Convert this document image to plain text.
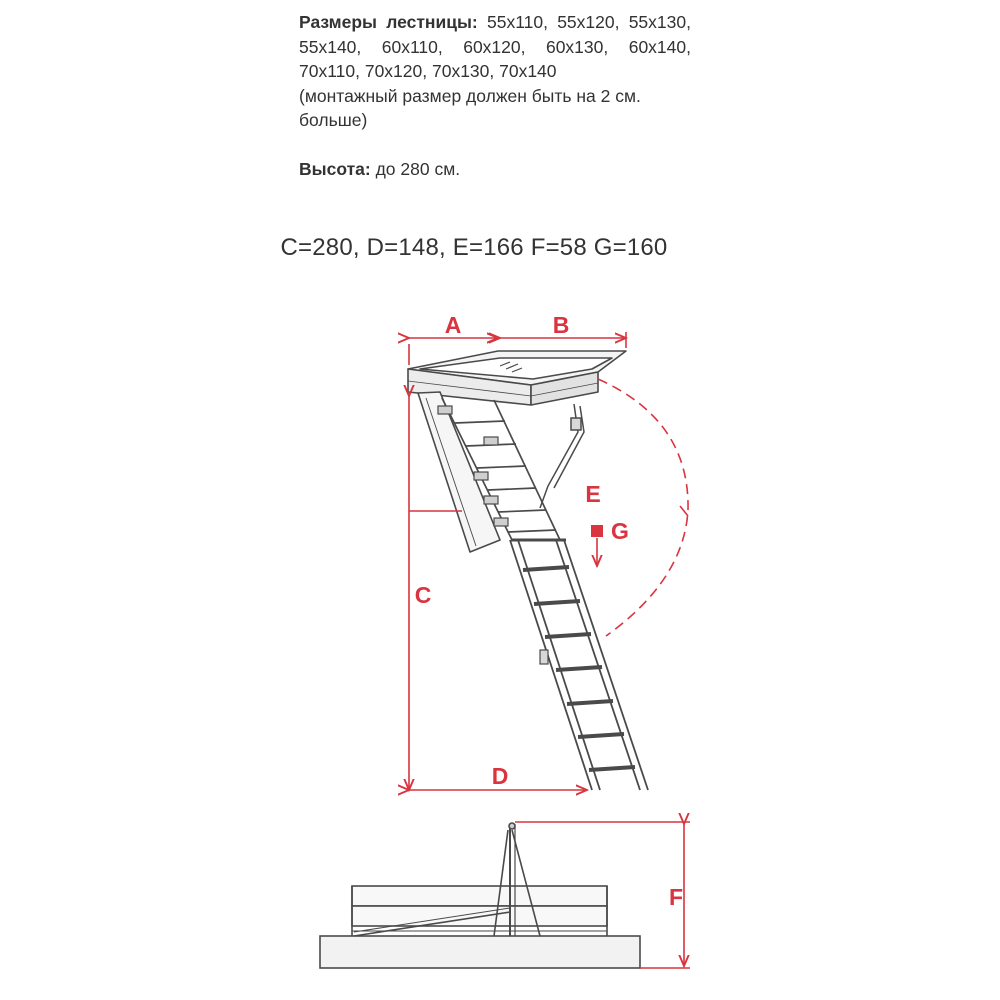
Размеры лестницы: 55x110, 55x120, 55x130, 55x140, 60x110, 60x120, 60x130, 60x140, 70x110, 70x120, 70x130, 70x140

(монтажный размер должен быть на 2 см. больше)

Высота: до 280 см.

C=280, D=148, E=166 F=58 G=160
A	B
C
D
E
G
F
